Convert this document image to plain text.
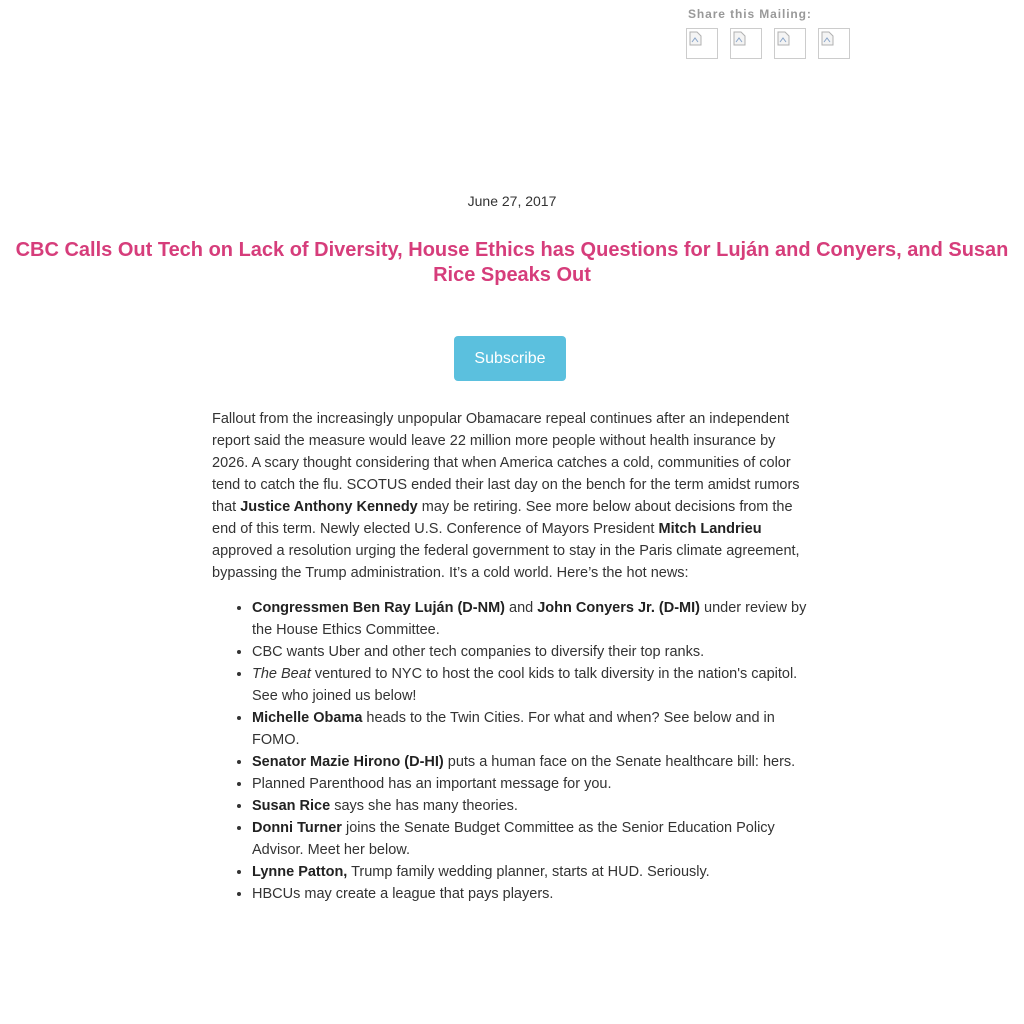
Share this Mailing:
June 27, 2017
CBC Calls Out Tech on Lack of Diversity, House Ethics has Questions for Luján and Conyers, and Susan Rice Speaks Out
Subscribe

Fallout from the increasingly unpopular Obamacare repeal continues after an independent report said the measure would leave 22 million more people without health insurance by 2026. A scary thought considering that when America catches a cold, communities of color tend to catch the flu. SCOTUS ended their last day on the bench for the term amidst rumors that Justice Anthony Kennedy may be retiring. See more below about decisions from the end of this term. Newly elected U.S. Conference of Mayors President Mitch Landrieu approved a resolution urging the federal government to stay in the Paris climate agreement, bypassing the Trump administration. It’s a cold world. Here’s the hot news:

• Congressmen Ben Ray Luján (D-NM) and John Conyers Jr. (D-MI) under review by the House Ethics Committee.
• CBC wants Uber and other tech companies to diversify their top ranks.
• The Beat ventured to NYC to host the cool kids to talk diversity in the nation's capitol. See who joined us below!
• Michelle Obama heads to the Twin Cities. For what and when? See below and in FOMO.
• Senator Mazie Hirono (D-HI) puts a human face on the Senate healthcare bill: hers.
• Planned Parenthood has an important message for you.
• Susan Rice says she has many theories.
• Donni Turner joins the Senate Budget Committee as the Senior Education Policy Advisor. Meet her below.
• Lynne Patton, Trump family wedding planner, starts at HUD. Seriously.
• HBCUs may create a league that pays players.
